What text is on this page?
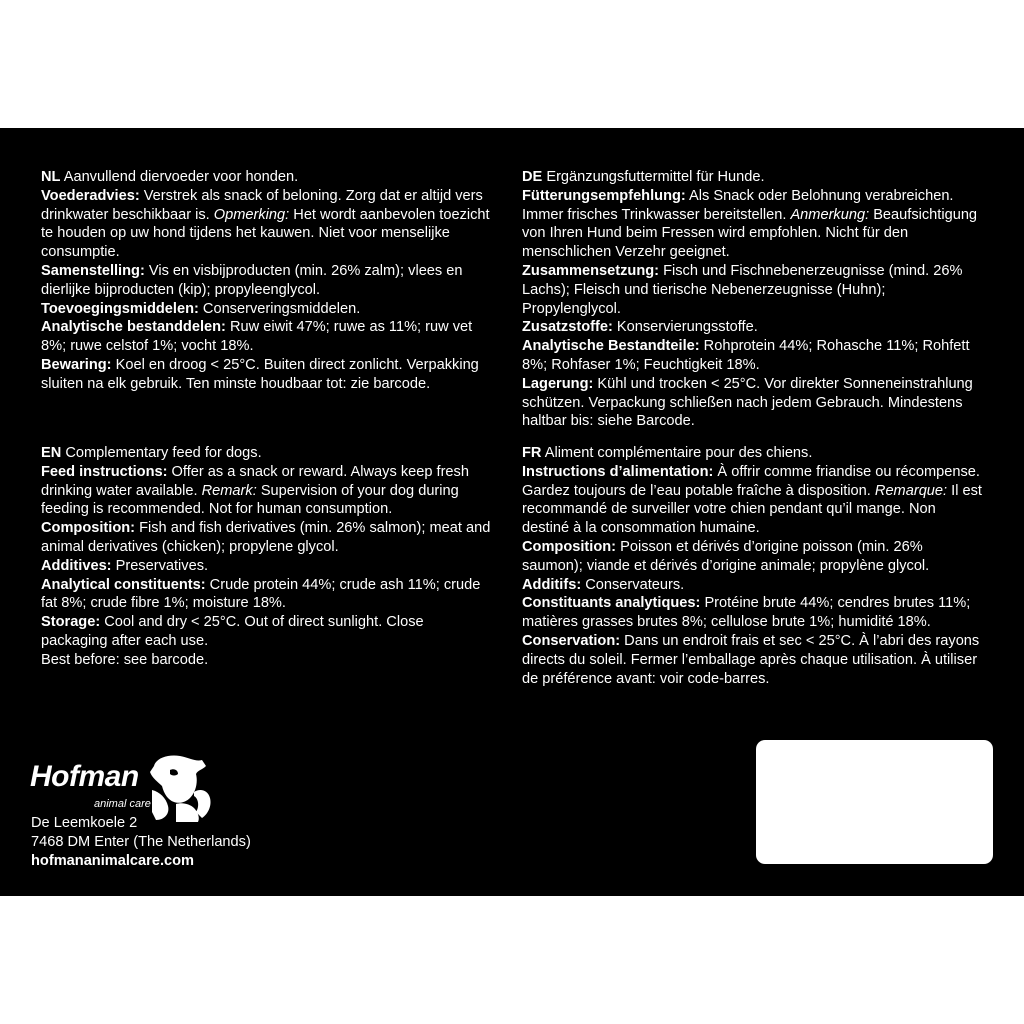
NL Aanvullend diervoeder voor honden.

Voederadvies: Verstrek als snack of beloning. Zorg dat er altijd vers drinkwater beschikbaar is. Opmerking: Het wordt aanbevolen toezicht te houden op uw hond tijdens het kauwen. Niet voor menselijke consumptie.

Samenstelling: Vis en visbijproducten (min. 26% zalm); vlees en dierlijke bijproducten (kip); propyleenglycol.

Toevoegingsmiddelen: Conserveringsmiddelen.

Analytische bestanddelen: Ruw eiwit 47%; ruwe as 11%; ruw vet 8%; ruwe celstof 1%; vocht 18%.

Bewaring: Koel en droog < 25°C. Buiten direct zonlicht. Verpakking sluiten na elk gebruik. Ten minste houdbaar tot: zie barcode.

EN Complementary feed for dogs.

Feed instructions: Offer as a snack or reward. Always keep fresh drinking water available. Remark: Supervision of your dog during feeding is recommended. Not for human consumption.

Composition: Fish and fish derivatives (min. 26% salmon); meat and animal derivatives (chicken); propylene glycol.

Additives: Preservatives.

Analytical constituents: Crude protein 44%; crude ash 11%; crude fat 8%; crude fibre 1%; moisture 18%.

Storage: Cool and dry < 25°C. Out of direct sunlight. Close packaging after each use.

Best before: see barcode.

DE Ergänzungsfuttermittel für Hunde.

Fütterungsempfehlung: Als Snack oder Belohnung verabreichen. Immer frisches Trinkwasser bereitstellen. Anmerkung: Beaufsichtigung von Ihren Hund beim Fressen wird empfohlen. Nicht für den menschlichen Verzehr geeignet.

Zusammensetzung: Fisch und Fischnebenerzeugnisse (mind. 26% Lachs); Fleisch und tierische Nebenerzeugnisse (Huhn); Propylenglycol.

Zusatzstoffe: Konservierungsstoffe.

Analytische Bestandteile: Rohprotein 44%; Rohasche 11%; Rohfett 8%; Rohfaser 1%; Feuchtigkeit 18%.

Lagerung: Kühl und trocken < 25°C. Vor direkter Sonneneinstrahlung schützen. Verpackung schließen nach jedem Gebrauch. Mindestens haltbar bis: siehe Barcode.

FR Aliment complémentaire pour des chiens.

Instructions d’alimentation: À offrir comme friandise ou récompense. Gardez toujours de l’eau potable fraîche à disposition. Remarque: Il est recommandé de surveiller votre chien pendant qu’il mange. Non destiné à la consommation humaine.

Composition: Poisson et dérivés d’origine poisson (min. 26% saumon); viande et dérivés d’origine animale; propylène glycol.

Additifs: Conservateurs.

Constituants analytiques: Protéine brute 44%; cendres brutes 11%; matières grasses brutes 8%; cellulose brute 1%; humidité 18%.

Conservation: Dans un endroit frais et sec < 25°C. À l’abri des rayons directs du soleil. Fermer l’emballage après chaque utilisation. À utiliser de préférence avant: voir code-barres.

Hofman
animal care

De Leemkoele 2

7468 DM Enter (The Netherlands)

hofmananimalcare.com
